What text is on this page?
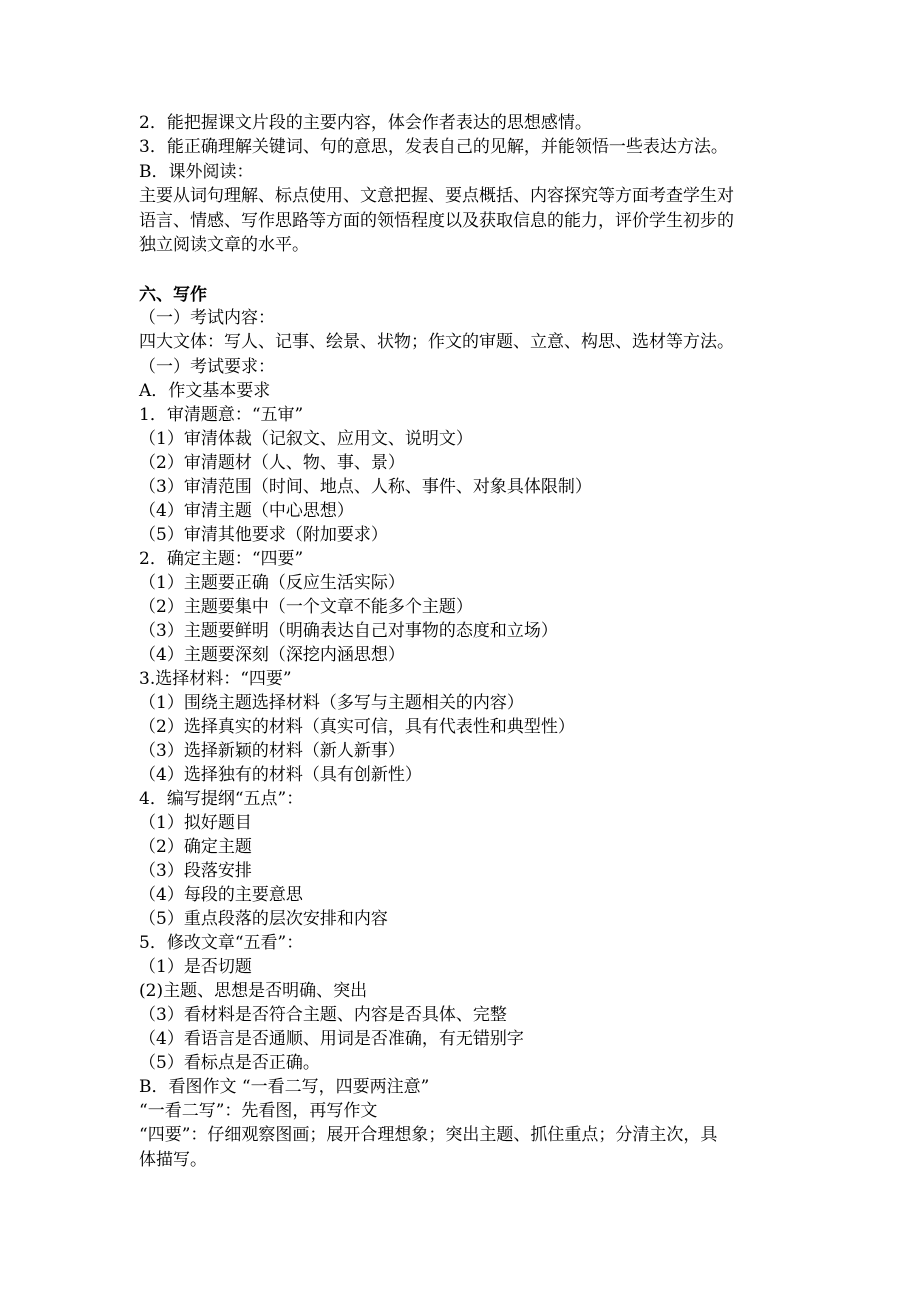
2．能把握课文片段的主要内容，体会作者表达的思想感情。
3．能正确理解关键词、句的意思，发表自己的见解，并能领悟一些表达方法。
B．课外阅读：
主要从词句理解、标点使用、文意把握、要点概括、内容探究等方面考查学生对
语言、情感、写作思路等方面的领悟程度以及获取信息的能力，评价学生初步的
独立阅读文章的水平。
六、写作
（一）考试内容：
四大文体：写人、记事、绘景、状物；作文的审题、立意、构思、选材等方法。
（一）考试要求：
A．作文基本要求
1．审清题意：“五审”
（1）审清体裁（记叙文、应用文、说明文）
（2）审清题材（人、物、事、景）
（3）审清范围（时间、地点、人称、事件、对象具体限制）
（4）审清主题（中心思想）
（5）审清其他要求（附加要求）
2．确定主题：“四要”
（1）主题要正确（反应生活实际）
（2）主题要集中（一个文章不能多个主题）
（3）主题要鲜明（明确表达自己对事物的态度和立场）
（4）主题要深刻（深挖内涵思想）
3.选择材料：“四要”
（1）围绕主题选择材料（多写与主题相关的内容）
（2）选择真实的材料（真实可信，具有代表性和典型性）
（3）选择新颖的材料（新人新事）
（4）选择独有的材料（具有创新性）
4．编写提纲“五点”：
（1）拟好题目
（2）确定主题
（3）段落安排
（4）每段的主要意思
（5）重点段落的层次安排和内容
5．修改文章“五看”：
（1）是否切题
(2)主题、思想是否明确、突出
（3）看材料是否符合主题、内容是否具体、完整
（4）看语言是否通顺、用词是否准确，有无错别字
（5）看标点是否正确。
B．看图作文 “一看二写，四要两注意”
“一看二写”：先看图，再写作文
“四要”：仔细观察图画；展开合理想象；突出主题、抓住重点；分清主次，具
体描写。
